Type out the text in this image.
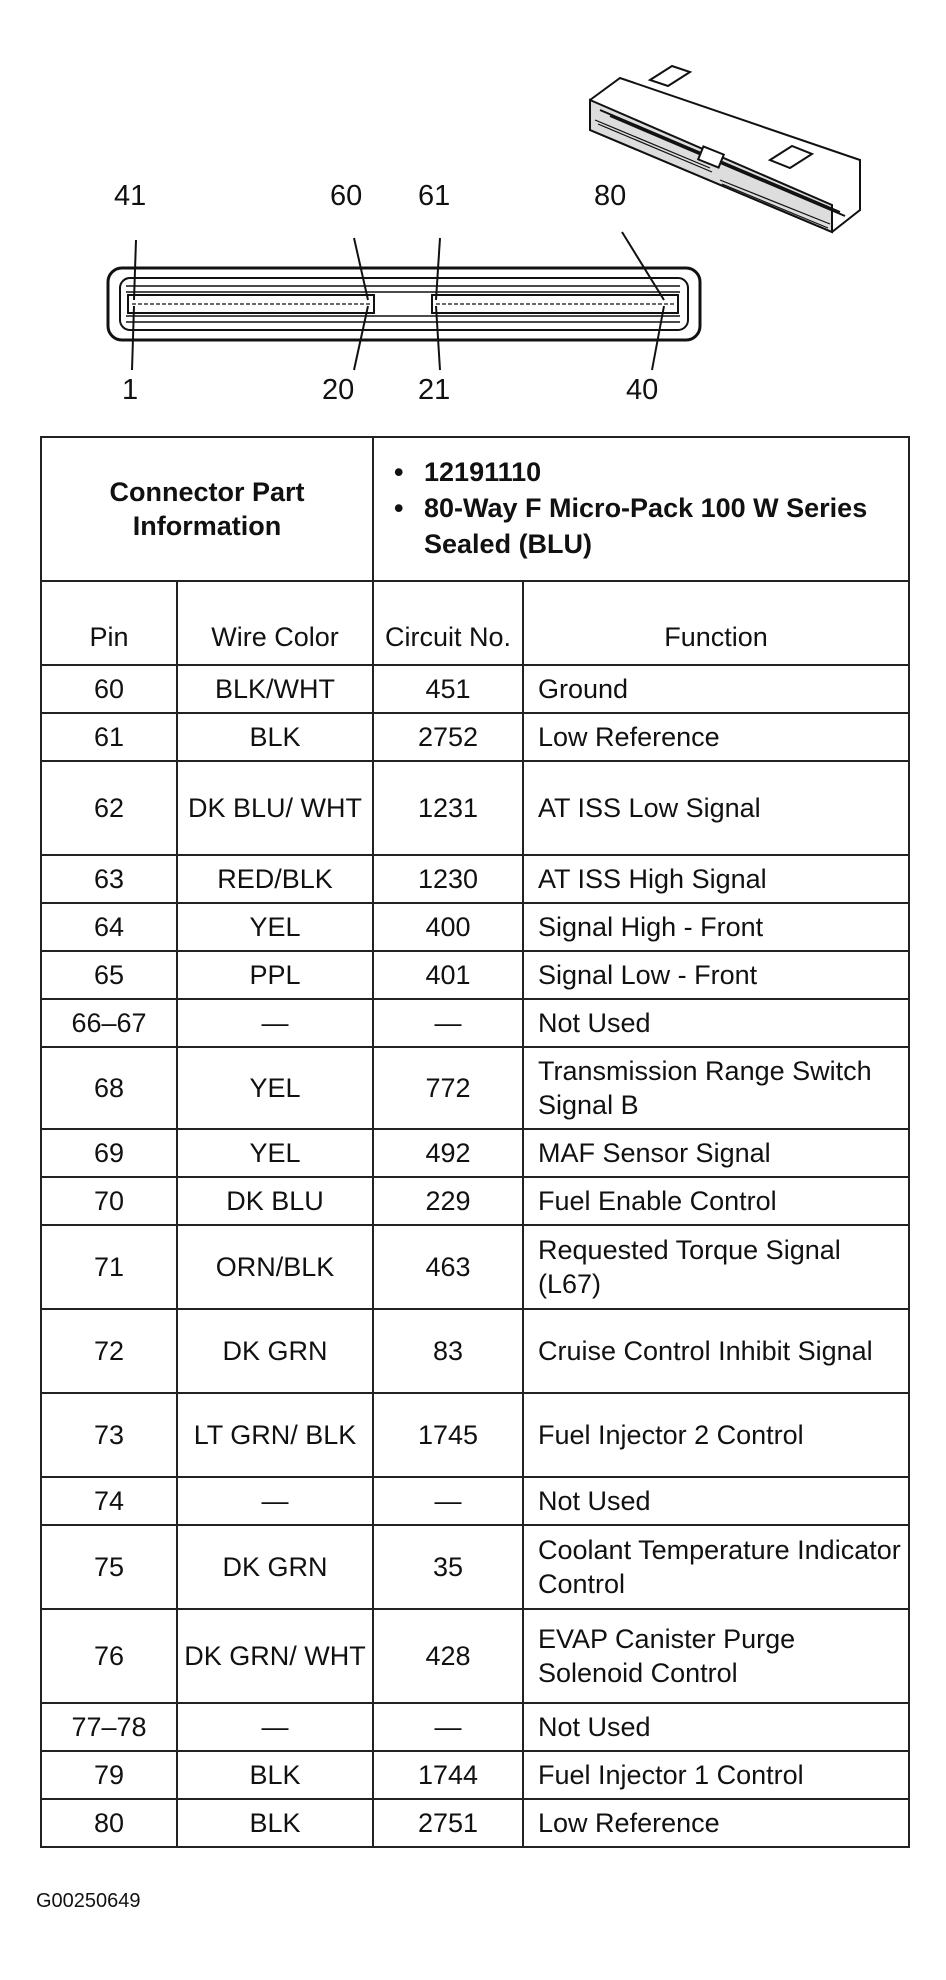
41	60 61	80
1	20 21	40
Connector Part Information		• 12191110
• 80-Way F Micro-Pack 100 W Series Sealed (BLU)	

Pin	Wire Color	Circuit No.	Function
60	BLK/WHT	451	Ground
61	BLK	2752	Low Reference
62	DK BLU/ WHT	1231	AT ISS Low Signal
63	RED/BLK	1230	AT ISS High Signal
64	YEL	400	Signal High - Front
65	PPL	401	Signal Low - Front
66–67	—	—	Not Used
68	YEL	772	Transmission Range Switch Signal B
69	YEL	492	MAF Sensor Signal
70	DK BLU	229	Fuel Enable Control
71	ORN/BLK	463	Requested Torque Signal (L67)
72	DK GRN	83	Cruise Control Inhibit Signal
73	LT GRN/ BLK	1745	Fuel Injector 2 Control
74	—	—	Not Used
75	DK GRN	35	Coolant Temperature Indicator Control
76	DK GRN/ WHT	428	EVAP Canister Purge Solenoid Control
77–78	—	—	Not Used
79	BLK	1744	Fuel Injector 1 Control
80	BLK	2751	Low Reference
G00250649
